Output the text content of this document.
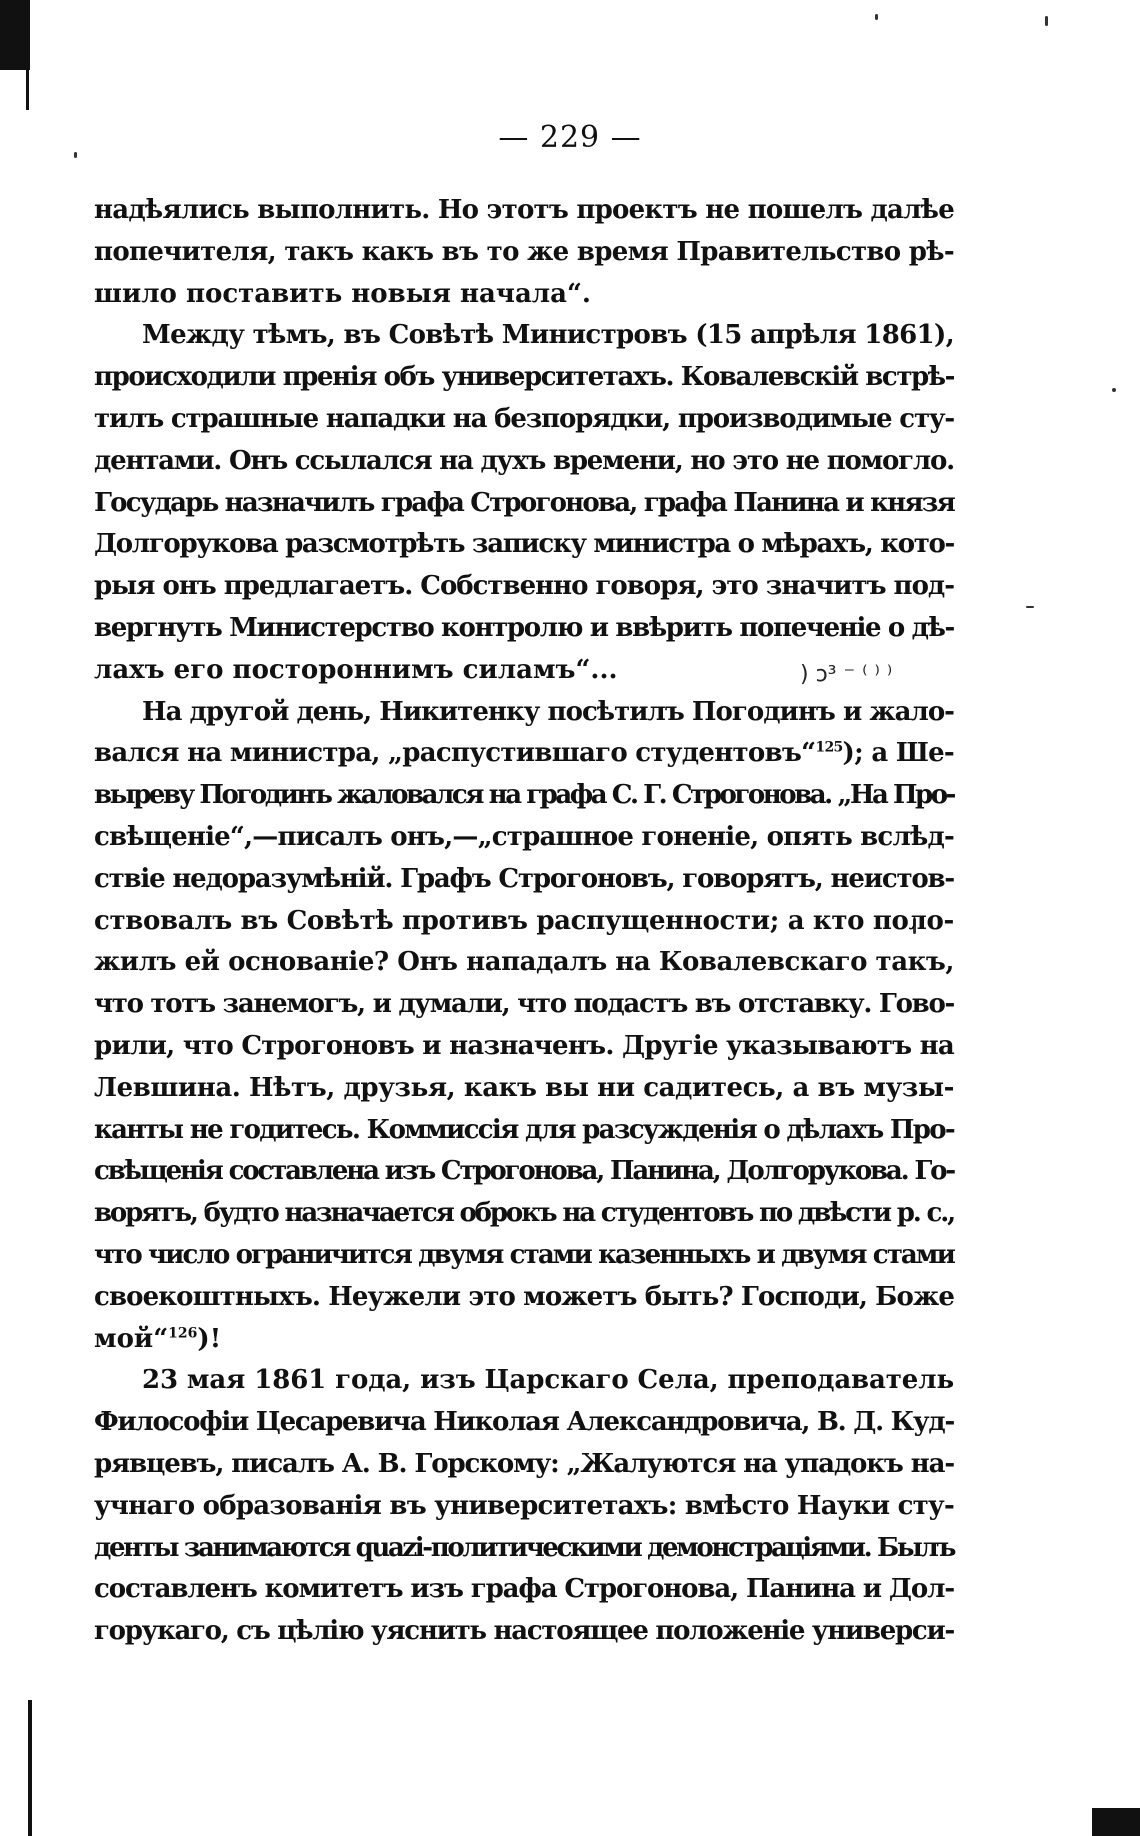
) ͻ³ ⁻ ⁽ ⁾ ⁾
— 229 —
надѣялись выполнить. Но этотъ проектъ не пошелъ далѣе
попечителя, такъ какъ въ то же время Правительство рѣ-
шило поставить новыя начала“.
Между тѣмъ, въ Совѣтѣ Министровъ (15 апрѣля 1861),
происходили пренія объ университетахъ. Ковалевскій встрѣ-
тилъ страшные нападки на безпорядки, производимые сту-
дентами. Онъ ссылался на духъ времени, но это не помогло.
Государь назначилъ графа Строгонова, графа Панина и князя
Долгорукова разсмотрѣть записку министра о мѣрахъ, кото-
рыя онъ предлагаетъ. Собственно говоря, это значитъ под-
вергнуть Министерство контролю и ввѣрить попеченіе о дѣ-
лахъ его постороннимъ силамъ“...
На другой день, Никитенку посѣтилъ Погодинъ и жало-
вался на министра, „распустившаго студентовъ“$^{125}$); а Ше-
выреву Погодинъ жаловался на графа С. Г. Строгонова. „На Про-
свѣщеніе“,—писалъ онъ,—„страшное гоненіе, опять вслѣд-
ствіе недоразумѣній. Графъ Строгоновъ, говорятъ, неистов-
ствовалъ въ Совѣтѣ противъ распущенности; а кто поло-
жилъ ей основаніе? Онъ нападалъ на Ковалевскаго такъ,
что тотъ занемогъ, и думали, что подастъ въ отставку. Гово-
рили, что Строгоновъ и назначенъ. Другіе указываютъ на
Левшина. Нѣтъ, друзья, какъ вы ни садитесь, а въ музы-
канты не годитесь. Коммиссія для разсужденія о дѣлахъ Про-
свѣщенія составлена изъ Строгонова, Панина, Долгорукова. Го-
ворятъ, будто назначается оброкъ на студентовъ по двѣсти р. с.,
что число ограничится двумя стами казенныхъ и двумя стами
своекоштныхъ. Неужели это можетъ быть? Господи, Боже
мой“$^{126}$)!
23 мая 1861 года, изъ Царскаго Села, преподаватель
Философіи Цесаревича Николая Александровича, В. Д. Куд-
рявцевъ, писалъ А. В. Горскому: „Жалуются на упадокъ на-
учнаго образованія въ университетахъ: вмѣсто Науки сту-
денты занимаются quazi-политическими демонстраціями. Былъ
составленъ комитетъ изъ графа Строгонова, Панина и Дол-
горукаго, съ цѣлію уяснить настоящее положеніе универси-
